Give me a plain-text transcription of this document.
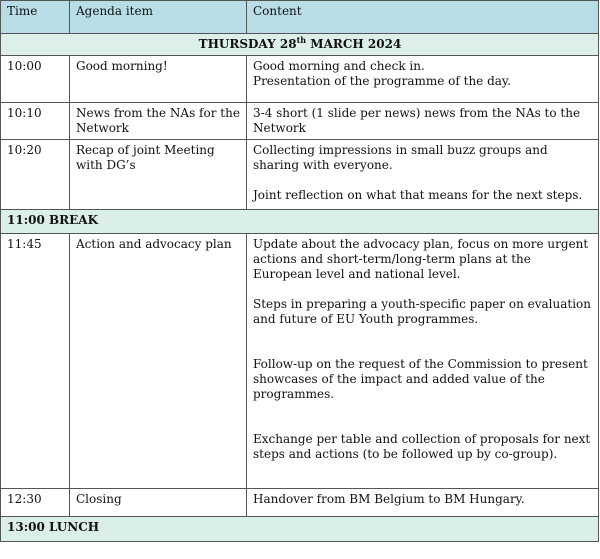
Time	Agenda item	Content
THURSDAY 28th MARCH 2024		
10:00	Good morning!	Good morning and check in.
Presentation of the programme of the day.

10:10	News from the NAs for the Network	3-4 short (1 slide per news) news from the NAs to the Network
10:20	Recap of joint Meeting with DG’s	Collecting impressions in small buzz groups and sharing with everyone.
Joint reflection on what that means for the next steps.

11:00 BREAK		
11:45	Action and advocacy plan	Update about the advocacy plan, focus on more urgent actions and short-term/long-term plans at the European level and national level.
Steps in preparing a youth-specific paper on evaluation and future of EU Youth programmes.
Follow-up on the request of the Commission to present showcases of the impact and added value of the programmes.
Exchange per table and collection of proposals for next steps and actions (to be followed up by co-group).

12:30	Closing	Handover from BM Belgium to BM Hungary.
13:00 LUNCH		
